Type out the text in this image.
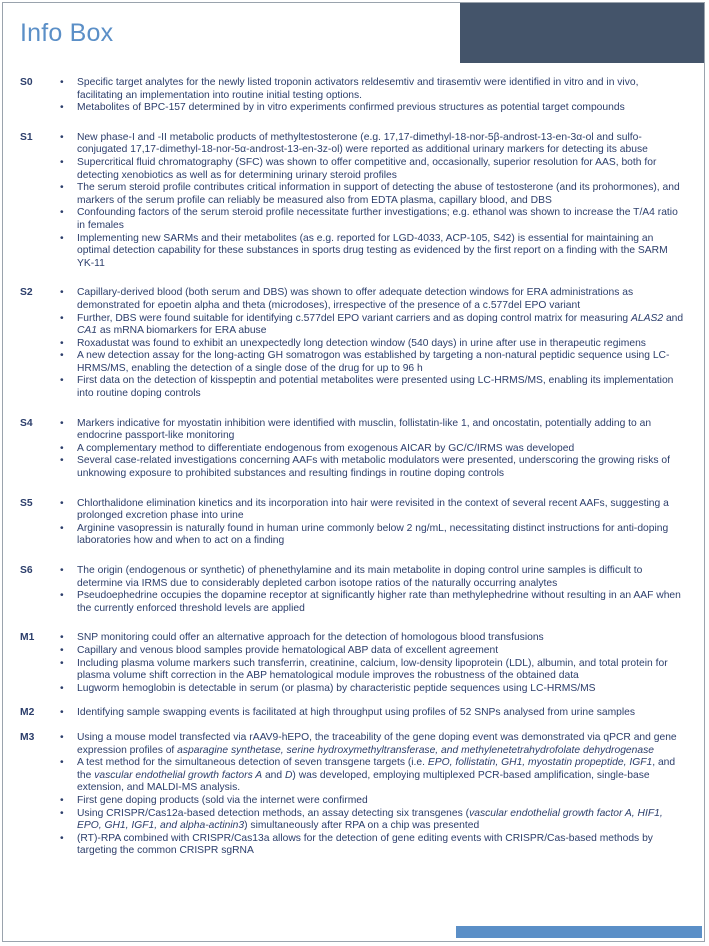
Info Box
S0	• Specific target analytes for the newly listed troponin activators reldesemtiv and tirasemtiv were identified in vitro and in vivo, facilitating an implementation into routine initial testing options.
• Metabolites of BPC-157 determined by in vitro experiments confirmed previous structures as potential target compounds
S1	• New phase-I and -II metabolic products of methyltestosterone (e.g. 17,17-dimethyl-18-nor-5β-androst-13-en-3α-ol and sulfo-conjugated 17,17-dimethyl-18-nor-5α-androst-13-en-3z-ol) were reported as additional urinary markers for detecting its abuse
• Supercritical fluid chromatography (SFC) was shown to offer competitive and, occasionally, superior resolution for AAS, both for detecting xenobiotics as well as for determining urinary steroid profiles
• The serum steroid profile contributes critical information in support of detecting the abuse of testosterone (and its prohormones), and markers of the serum profile can reliably be measured also from EDTA plasma, capillary blood, and DBS
• Confounding factors of the serum steroid profile necessitate further investigations; e.g. ethanol was shown to increase the T/A4 ratio in females
• Implementing new SARMs and their metabolites (as e.g. reported for LGD-4033, ACP-105, S42) is essential for maintaining an optimal detection capability for these substances in sports drug testing as evidenced by the first report on a finding with the SARM YK-11
S2	• Capillary-derived blood (both serum and DBS) was shown to offer adequate detection windows for ERA administrations as demonstrated for epoetin alpha and theta (microdoses), irrespective of the presence of a c.577del EPO variant
• Further, DBS were found suitable for identifying c.577del EPO variant carriers and as doping control matrix for measuring ALAS2 and CA1 as mRNA biomarkers for ERA abuse
• Roxadustat was found to exhibit an unexpectedly long detection window (540 days) in urine after use in therapeutic regimens
• A new detection assay for the long-acting GH somatrogon was established by targeting a non-natural peptidic sequence using LC-HRMS/MS, enabling the detection of a single dose of the drug for up to 96 h
• First data on the detection of kisspeptin and potential metabolites were presented using LC-HRMS/MS, enabling its implementation into routine doping controls
S4	• Markers indicative for myostatin inhibition were identified with musclin, follistatin-like 1, and oncostatin, potentially adding to an endocrine passport-like monitoring
• A complementary method to differentiate endogenous from exogenous AICAR by GC/C/IRMS was developed
• Several case-related investigations concerning AAFs with metabolic modulators were presented, underscoring the growing risks of unknowing exposure to prohibited substances and resulting findings in routine doping controls
S5	• Chlorthalidone elimination kinetics and its incorporation into hair were revisited in the context of several recent AAFs, suggesting a prolonged excretion phase into urine
• Arginine vasopressin is naturally found in human urine commonly below 2 ng/mL, necessitating distinct instructions for anti-doping laboratories how and when to act on a finding
S6	• The origin (endogenous or synthetic) of phenethylamine and its main metabolite in doping control urine samples is difficult to determine via IRMS due to considerably depleted carbon isotope ratios of the naturally occurring analytes
• Pseudoephedrine occupies the dopamine receptor at significantly higher rate than methylephedrine without resulting in an AAF when the currently enforced threshold levels are applied
M1 • SNP monitoring could offer an alternative approach for the detection of homologous blood transfusions
• Capillary and venous blood samples provide hematological ABP data of excellent agreement
• Including plasma volume markers such transferrin, creatinine, calcium, low-density lipoprotein (LDL), albumin, and total protein for plasma volume shift correction in the ABP hematological module improves the robustness of the obtained data
• Lugworm hemoglobin is detectable in serum (or plasma) by characteristic peptide sequences using LC-HRMS/MS
M2 • Identifying sample swapping events is facilitated at high throughput using profiles of 52 SNPs analysed from urine samples
M3 • Using a mouse model transfected via rAAV9-hEPO, the traceability of the gene doping event was demonstrated via qPCR and gene expression profiles of asparagine synthetase, serine hydroxymethyltransferase, and methylenetetrahydrofolate dehydrogenase
• A test method for the simultaneous detection of seven transgene targets (i.e. EPO, follistatin, GH1, myostatin propeptide, IGF1, and the vascular endothelial growth factors A and D) was developed, employing multiplexed PCR-based amplification, single-base extension, and MALDI-MS analysis.
• First gene doping products (sold via the internet were confirmed
• Using CRISPR/Cas12a-based detection methods, an assay detecting six transgenes (vascular endothelial growth factor A, HIF1, EPO, GH1, IGF1, and alpha-actinin3) simultaneously after RPA on a chip was presented
• (RT)-RPA combined with CRISPR/Cas13a allows for the detection of gene editing events with CRISPR/Cas-based methods by targeting the common CRISPR sgRNA
